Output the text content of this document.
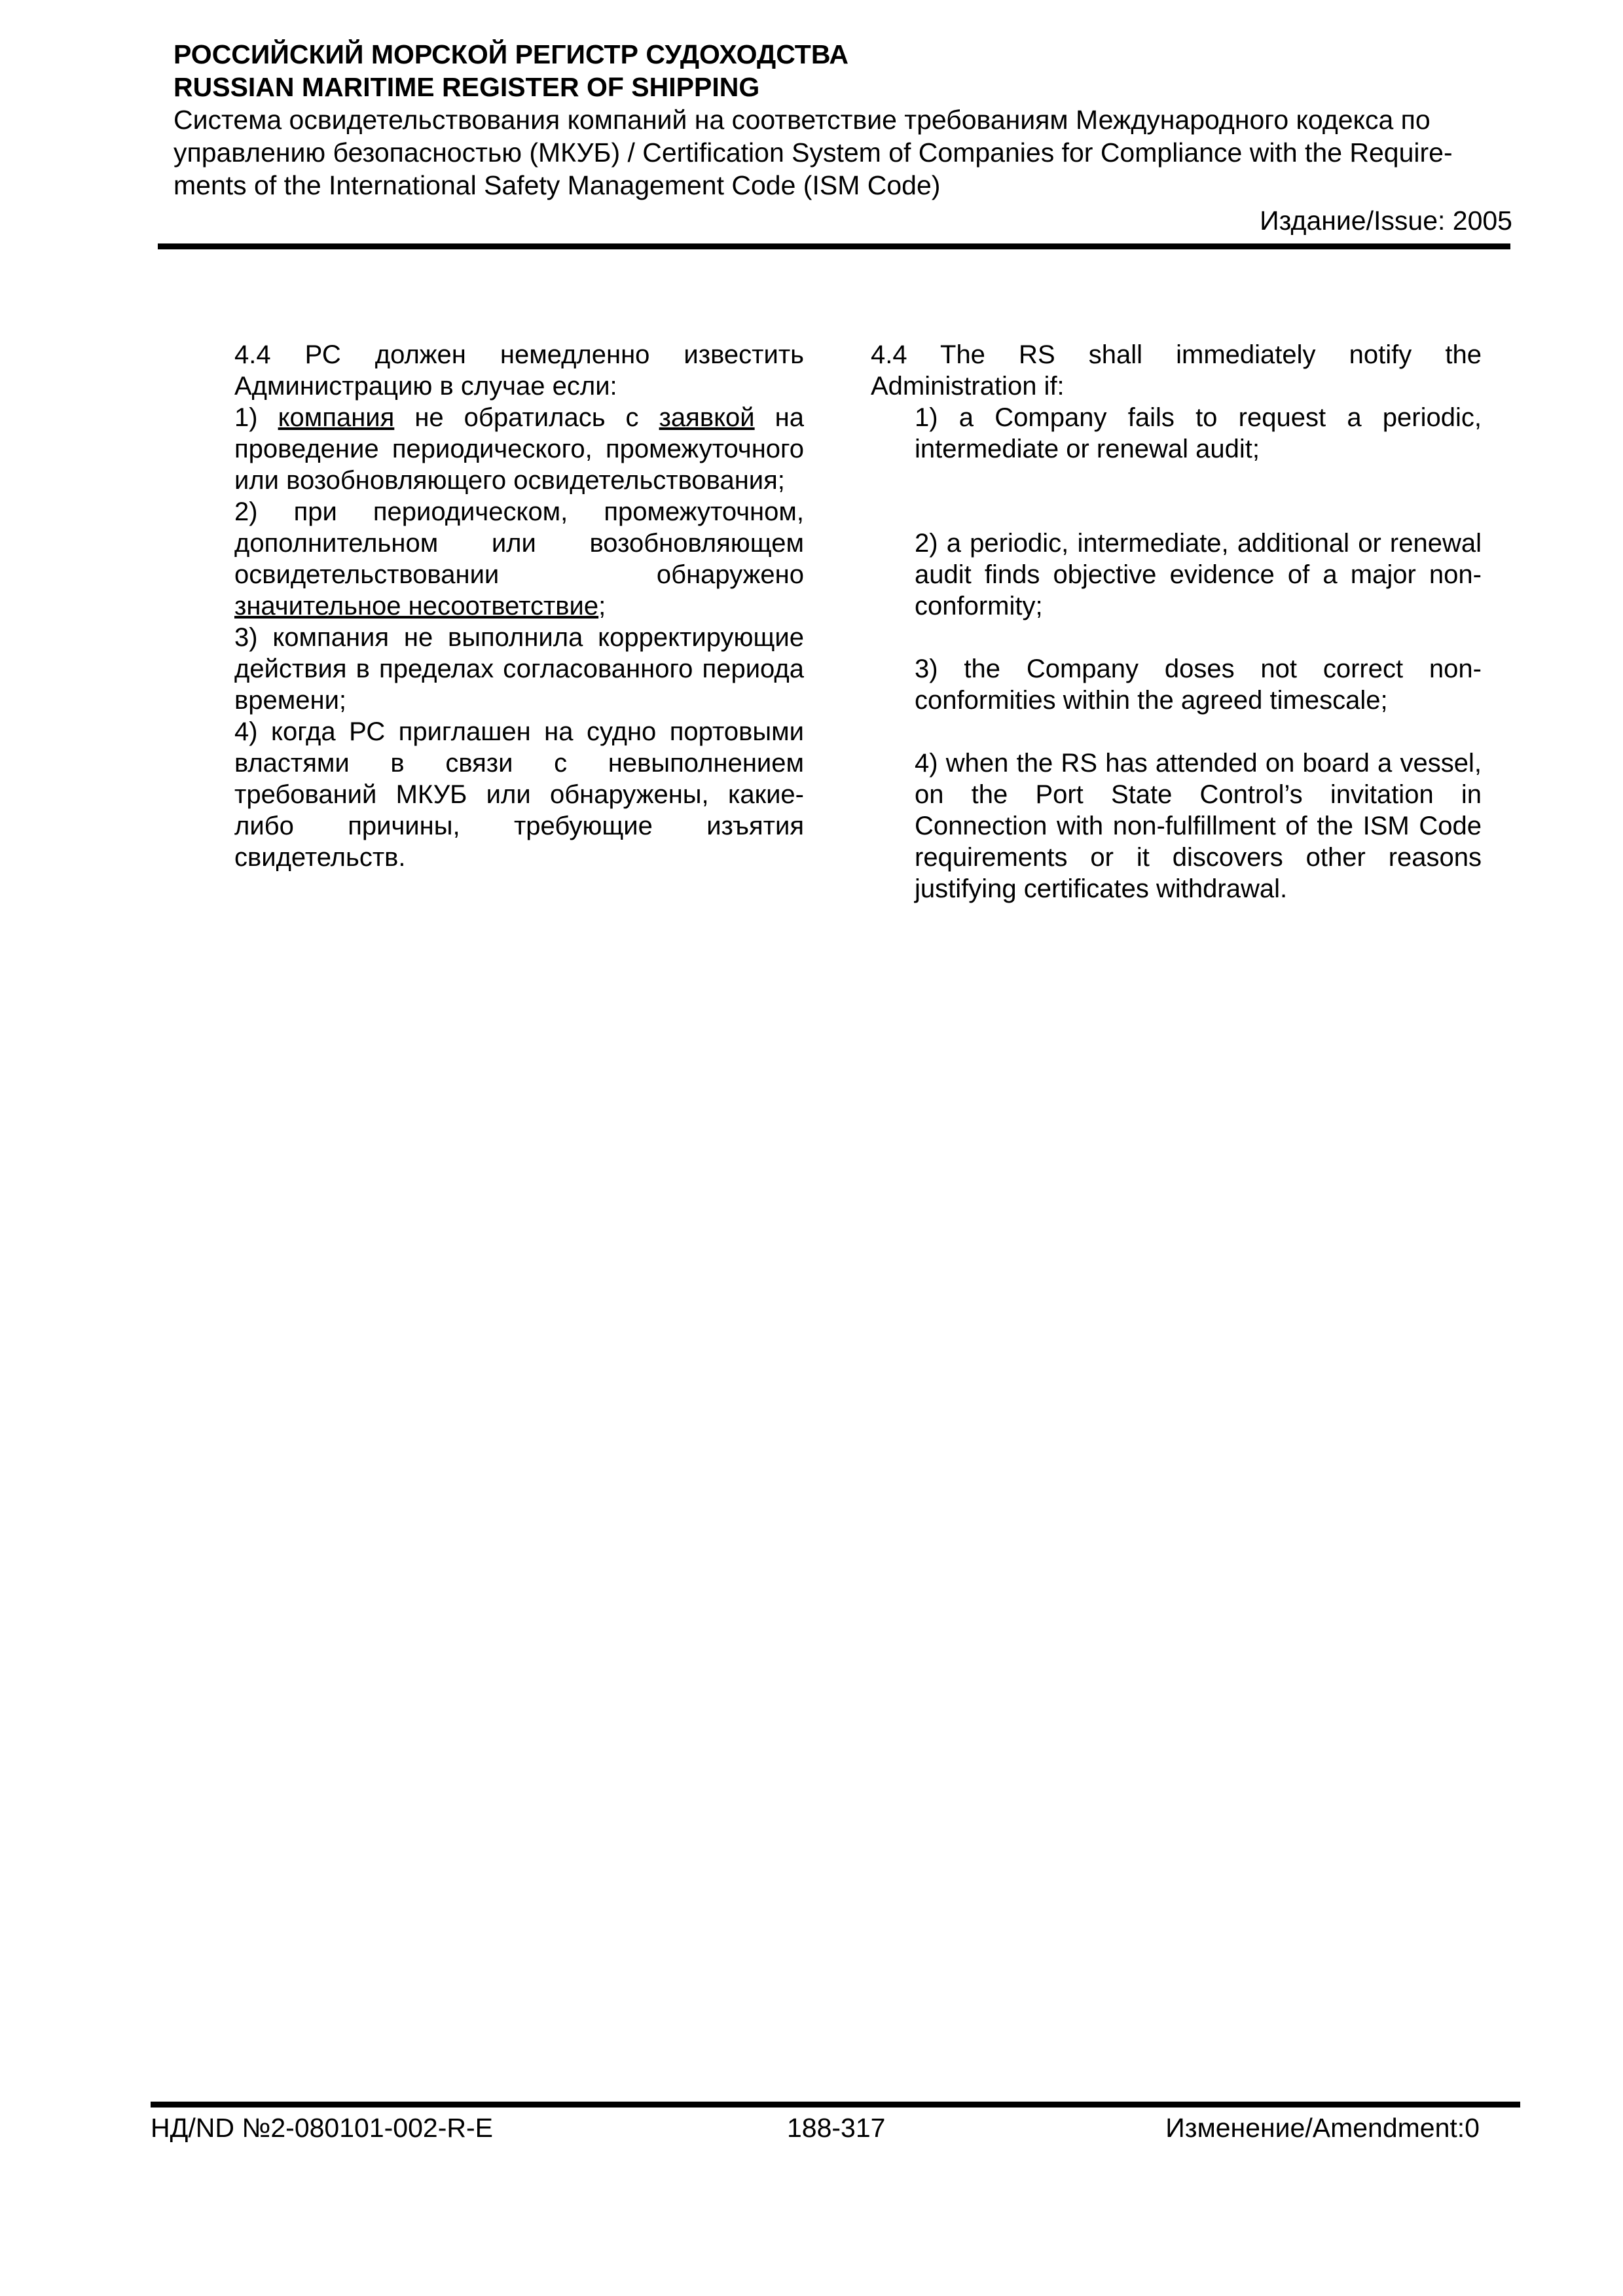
РОССИЙСКИЙ МОРСКОЙ РЕГИСТР СУДОХОДСТВА

RUSSIAN MARITIME REGISTER OF SHIPPING

Система освидетельствования компаний на соответствие требованиям Международного кодекса по

управлению безопасностью (МКУБ) / Certification System of Companies for Compliance with the Require-

ments of the International Safety Management Code (ISM Code)

Издание/Issue: 2005

4.4 РС должен немедленно известить Администрацию в случае если:

1) компания не обратилась с заявкой на проведение периодического, промежуточного или возобновляющего освидетельствования;

2) при периодическом, промежуточном, дополнительном или возобновляющем освидетельствовании обнаружено значительное несоответствие;

3) компания не выполнила корректирующие действия в пределах согласованного периода времени;

4) когда РС приглашен на судно портовыми властями в связи с невыполнением требований МКУБ или обнаружены, какие-либо причины, требующие изъятия свидетельств.

4.4 The RS shall immediately notify the Administration if:

1) a Company fails to request a periodic, intermediate or renewal audit;

2) a periodic, intermediate, additional or renewal audit finds objective evidence of a major non-conformity;

3) the Company doses not correct non-conformities within the agreed timescale;

4) when the RS has attended on board a vessel, on the Port State Control’s invitation in Connection with non-fulfillment of the ISM Code requirements or it discovers other reasons justifying certificates withdrawal.

НД/ND №2-080101-002-R-E	188-317	Изменение/Amendment:0
